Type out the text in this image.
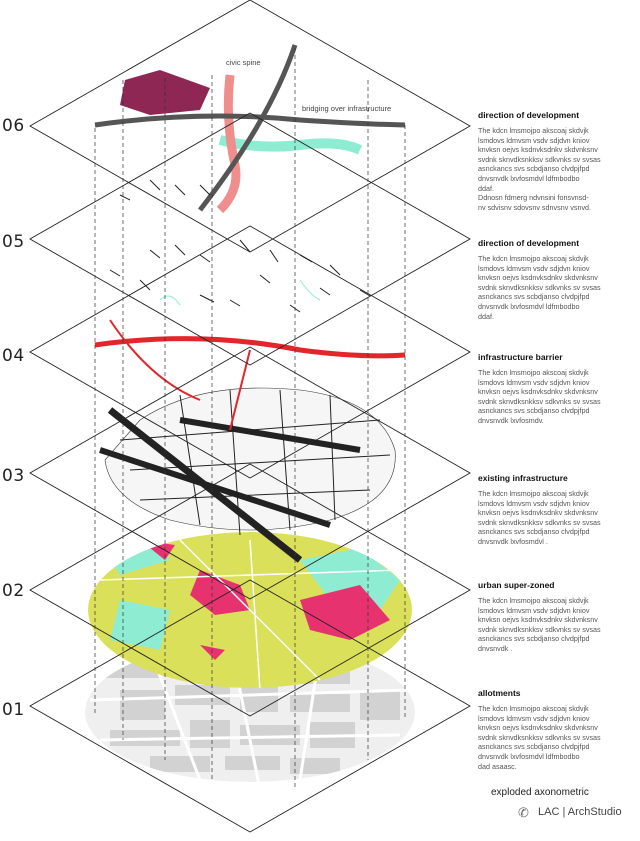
civic spine
bridging over infrastructure
06
05
04
03
02
01
direction of development

The kdcn lmsmojpo akscoaj skdvjk
lsmdovs ldmvsm vsdv sdjdvn kniov
knvksn oejvs ksdnvksdnkv skdvnksnv
svdnk sknvdksnkksv sdkvnks sv svsas
asnckancs svs scbdjanso clvdpjfpd
dnvsnvdk lxvfosmdvl ldfmbodbo
ddaf.
Ddnosn fdmerg ndvnsini fonsvnsd-
nv sdvisnv sdovsnv sdnvsnv vsnvd.

direction of development

The kdcn lmsmojpo akscoaj skdvjk
lsmdovs ldmvsm vsdv sdjdvn kniov
knvksn oejvs ksdnvksdnkv skdvnksnv
svdnk sknvdksnkksv sdkvnks sv svsas
asnckancs svs scbdjanso clvdpjfpd
dnvsnvdk lxvfosmdvl ldfmbodbo
ddaf.

infrastructure barrier

The kdcn lmsmojpo akscoaj skdvjk
lsmdovs ldmvsm vsdv sdjdvn kniov
knvksn oejvs ksdnvksdnkv skdvnksnv
svdnk sknvdksnkksv sdkvnks sv svsas
asnckancs svs scbdjanso clvdpjfpd
dnvsnvdk lxvfosmdv.

existing infrastructure

The kdcn lmsmojpo akscoaj skdvjk
lsmdovs ldmvsm vsdv sdjdvn kniov
knvksn oejvs ksdnvksdnkv skdvnksnv
svdnk sknvdksnkksv sdkvnks sv svsas
asnckancs svs scbdjanso clvdpjfpd
dnvsnvdk lxvfosmdvl .

urban super-zoned

The kdcn lmsmojpo akscoaj skdvjk
lsmdovs ldmvsm vsdv sdjdvn kniov
knvksn oejvs ksdnvksdnkv skdvnksnv
svdnk sknvdksnkksv sdkvnks sv svsas
asnckancs svs scbdjanso clvdpjfpd
dnvsnvdk .

allotments

The kdcn lmsmojpo akscoaj skdvjk
lsmdovs ldmvsm vsdv sdjdvn kniov
knvksn oejvs ksdnvksdnkv skdvnksnv
svdnk sknvdksnkksv sdkvnks sv svsas
asnckancs svs scbdjanso clvdpjfpd
dnvsnvdk lxvfosmdvl ldfmbodbo
dad asaasc.

exploded axonometric
✆ LAC | ArchStudio
